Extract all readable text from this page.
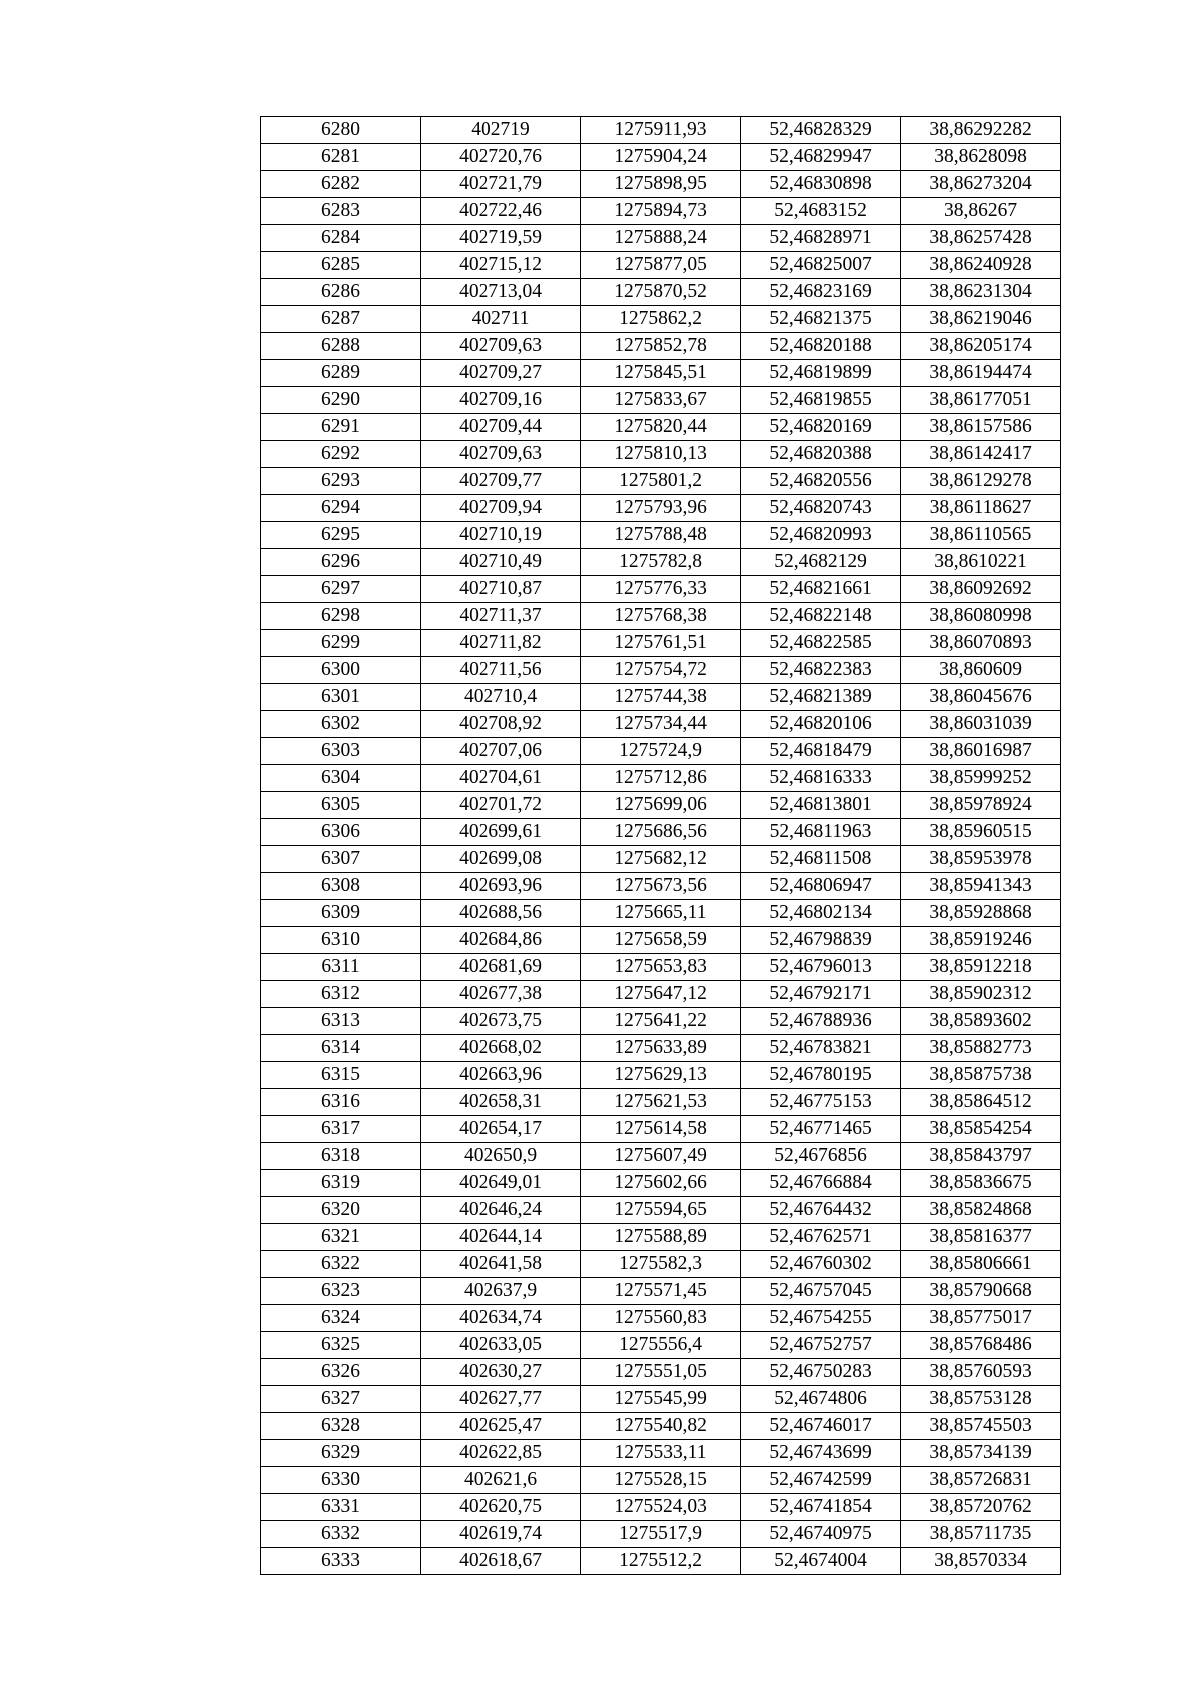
6280	402719	1275911,93	52,46828329	38,86292282
6281	402720,76	1275904,24	52,46829947	38,8628098
6282	402721,79	1275898,95	52,46830898	38,86273204
6283	402722,46	1275894,73	52,4683152	38,86267
6284	402719,59	1275888,24	52,46828971	38,86257428
6285	402715,12	1275877,05	52,46825007	38,86240928
6286	402713,04	1275870,52	52,46823169	38,86231304
6287	402711	1275862,2	52,46821375	38,86219046
6288	402709,63	1275852,78	52,46820188	38,86205174
6289	402709,27	1275845,51	52,46819899	38,86194474
6290	402709,16	1275833,67	52,46819855	38,86177051
6291	402709,44	1275820,44	52,46820169	38,86157586
6292	402709,63	1275810,13	52,46820388	38,86142417
6293	402709,77	1275801,2	52,46820556	38,86129278
6294	402709,94	1275793,96	52,46820743	38,86118627
6295	402710,19	1275788,48	52,46820993	38,86110565
6296	402710,49	1275782,8	52,4682129	38,8610221
6297	402710,87	1275776,33	52,46821661	38,86092692
6298	402711,37	1275768,38	52,46822148	38,86080998
6299	402711,82	1275761,51	52,46822585	38,86070893
6300	402711,56	1275754,72	52,46822383	38,860609
6301	402710,4	1275744,38	52,46821389	38,86045676
6302	402708,92	1275734,44	52,46820106	38,86031039
6303	402707,06	1275724,9	52,46818479	38,86016987
6304	402704,61	1275712,86	52,46816333	38,85999252
6305	402701,72	1275699,06	52,46813801	38,85978924
6306	402699,61	1275686,56	52,46811963	38,85960515
6307	402699,08	1275682,12	52,46811508	38,85953978
6308	402693,96	1275673,56	52,46806947	38,85941343
6309	402688,56	1275665,11	52,46802134	38,85928868
6310	402684,86	1275658,59	52,46798839	38,85919246
6311	402681,69	1275653,83	52,46796013	38,85912218
6312	402677,38	1275647,12	52,46792171	38,85902312
6313	402673,75	1275641,22	52,46788936	38,85893602
6314	402668,02	1275633,89	52,46783821	38,85882773
6315	402663,96	1275629,13	52,46780195	38,85875738
6316	402658,31	1275621,53	52,46775153	38,85864512
6317	402654,17	1275614,58	52,46771465	38,85854254
6318	402650,9	1275607,49	52,4676856	38,85843797
6319	402649,01	1275602,66	52,46766884	38,85836675
6320	402646,24	1275594,65	52,46764432	38,85824868
6321	402644,14	1275588,89	52,46762571	38,85816377
6322	402641,58	1275582,3	52,46760302	38,85806661
6323	402637,9	1275571,45	52,46757045	38,85790668
6324	402634,74	1275560,83	52,46754255	38,85775017
6325	402633,05	1275556,4	52,46752757	38,85768486
6326	402630,27	1275551,05	52,46750283	38,85760593
6327	402627,77	1275545,99	52,4674806	38,85753128
6328	402625,47	1275540,82	52,46746017	38,85745503
6329	402622,85	1275533,11	52,46743699	38,85734139
6330	402621,6	1275528,15	52,46742599	38,85726831
6331	402620,75	1275524,03	52,46741854	38,85720762
6332	402619,74	1275517,9	52,46740975	38,85711735
6333	402618,67	1275512,2	52,4674004	38,8570334
